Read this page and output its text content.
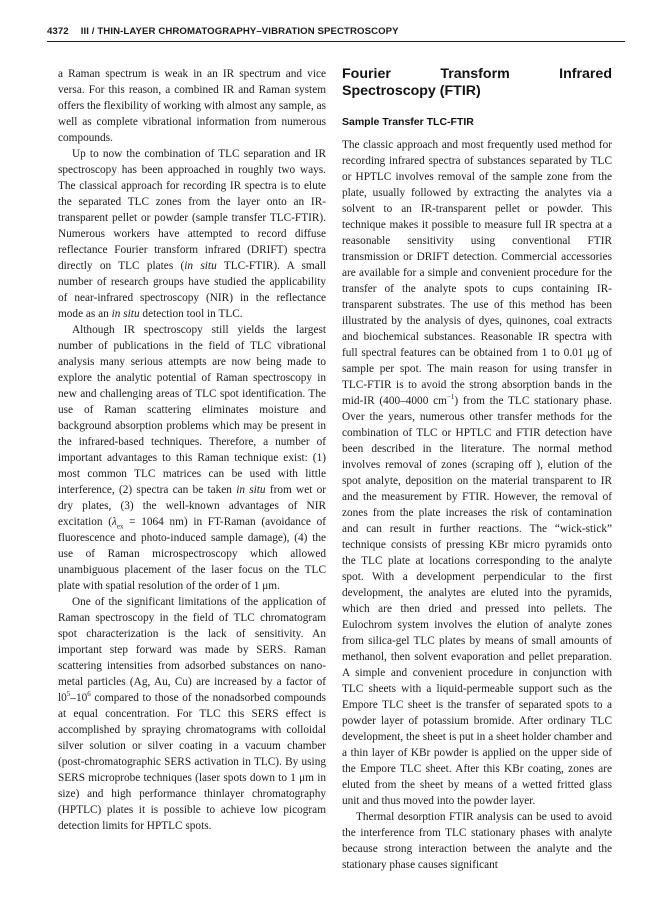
4372 III / THIN-LAYER CHROMATOGRAPHY–VIBRATION SPECTROSCOPY

a Raman spectrum is weak in an IR spectrum and vice versa. For this reason, a combined IR and Raman system offers the flexibility of working with almost any sample, as well as complete vibrational information from numerous compounds.

Up to now the combination of TLC separation and IR spectroscopy has been approached in roughly two ways. The classical approach for recording IR spectra is to elute the separated TLC zones from the layer onto an IR-transparent pellet or powder (sample transfer TLC-FTIR). Numerous workers have attempted to record diffuse reflectance Fourier transform infrared (DRIFT) spectra directly on TLC plates (in situ TLC-FTIR). A small number of research groups have studied the applicability of near-infrared spectroscopy (NIR) in the reflectance mode as an in situ detection tool in TLC.

Although IR spectroscopy still yields the largest number of publications in the field of TLC vibrational analysis many serious attempts are now being made to explore the analytic potential of Raman spectroscopy in new and challenging areas of TLC spot identification. The use of Raman scattering eliminates moisture and background absorption problems which may be present in the infrared-based techniques. Therefore, a number of important advantages to this Raman technique exist: (1) most common TLC matrices can be used with little interference, (2) spectra can be taken in situ from wet or dry plates, (3) the well-known advantages of NIR excitation ($\lambda_{ex} = 1064$ nm) in FT-Raman (avoidance of fluorescence and photo-induced sample damage), (4) the use of Raman microspectroscopy which allowed unambiguous placement of the laser focus on the TLC plate with spatial resolution of the order of 1 μm.

One of the significant limitations of the application of Raman spectroscopy in the field of TLC chromatogram spot characterization is the lack of sensitivity. An important step forward was made by SERS. Raman scattering intensities from adsorbed substances on nano-metal particles (Ag, Au, Cu) are increased by a factor of $l0^5-10^6$ compared to those of the nonadsorbed compounds at equal concentration. For TLC this SERS effect is accomplished by spraying chromatograms with colloidal silver solution or silver coating in a vacuum chamber (post-chromatographic SERS activation in TLC). By using SERS microprobe techniques (laser spots down to 1 μm in size) and high performance thinlayer chromatography (HPTLC) plates it is possible to achieve low picogram detection limits for HPTLC spots.

Fourier Transform Infrared Spectroscopy (FTIR)
Sample Transfer TLC-FTIR

The classic approach and most frequently used method for recording infrared spectra of substances separated by TLC or HPTLC involves removal of the sample zone from the plate, usually followed by extracting the analytes via a solvent to an IR-transparent pellet or powder. This technique makes it possible to measure full IR spectra at a reasonable sensitivity using conventional FTIR transmission or DRIFT detection. Commercial accessories are available for a simple and convenient procedure for the transfer of the analyte spots to cups containing IR-transparent substrates. The use of this method has been illustrated by the analysis of dyes, quinones, coal extracts and biochemical substances. Reasonable IR spectra with full spectral features can be obtained from 1 to 0.01 μg of sample per spot. The main reason for using transfer in TLC-FTIR is to avoid the strong absorption bands in the mid-IR (400–4000 $cm^{-1}$) from the TLC stationary phase. Over the years, numerous other transfer methods for the combination of TLC or HPTLC and FTIR detection have been described in the literature. The normal method involves removal of zones (scraping off ), elution of the spot analyte, deposition on the material transparent to IR and the measurement by FTIR. However, the removal of zones from the plate increases the risk of contamination and can result in further reactions. The “wick-stick” technique consists of pressing KBr micro pyramids onto the TLC plate at locations corresponding to the analyte spot. With a development perpendicular to the first development, the analytes are eluted into the pyramids, which are then dried and pressed into pellets. The Eulochrom system involves the elution of analyte zones from silica-gel TLC plates by means of small amounts of methanol, then solvent evaporation and pellet preparation. A simple and convenient procedure in conjunction with TLC sheets with a liquid-permeable support such as the Empore TLC sheet is the transfer of separated spots to a powder layer of potassium bromide. After ordinary TLC development, the sheet is put in a sheet holder chamber and a thin layer of KBr powder is applied on the upper side of the Empore TLC sheet. After this KBr coating, zones are eluted from the sheet by means of a wetted fritted glass unit and thus moved into the powder layer.

Thermal desorption FTIR analysis can be used to avoid the interference from TLC stationary phases with analyte because strong interaction between the analyte and the stationary phase causes significant
